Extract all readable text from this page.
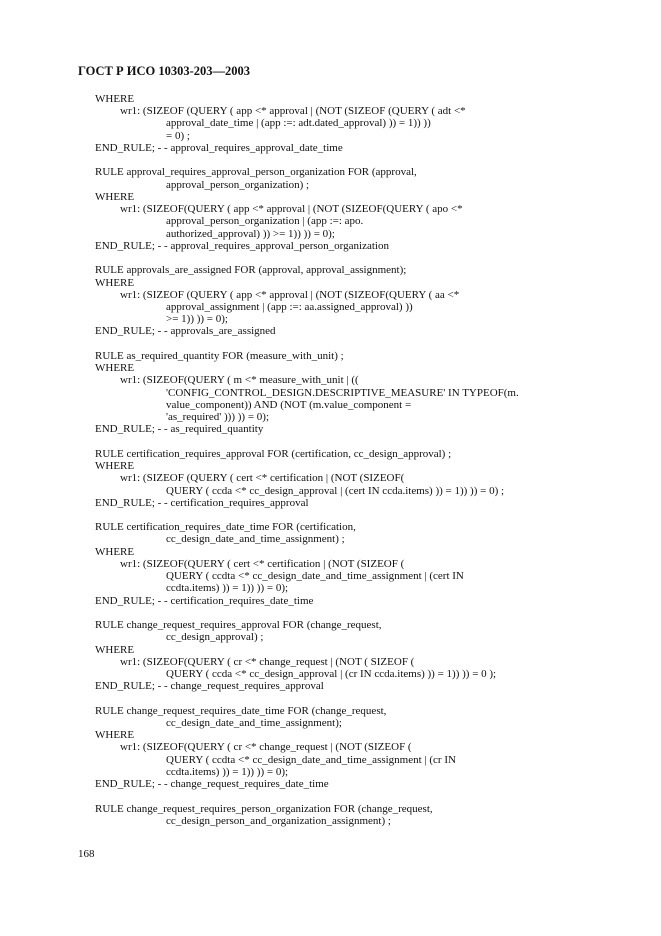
ГОСТ Р ИСО 10303-203—2003
WHERE
wr1: (SIZEOF (QUERY ( app <* approval | (NOT (SIZEOF (QUERY ( adt <*
approval_date_time | (app :=: adt.dated_approval) )) = 1)) ))
= 0) ;
END_RULE; - - approval_requires_approval_date_time
RULE approval_requires_approval_person_organization FOR (approval,
approval_person_organization) ;
WHERE
wr1: (SIZEOF(QUERY ( app <* approval | (NOT (SIZEOF(QUERY ( apo <*
approval_person_organization | (app :=: apo.
authorized_approval) )) >= 1)) )) = 0);
END_RULE; - - approval_requires_approval_person_organization
RULE approvals_are_assigned FOR (approval, approval_assignment);
WHERE
wr1: (SIZEOF (QUERY ( app <* approval | (NOT (SIZEOF(QUERY ( aa <*
approval_assignment | (app :=: aa.assigned_approval) ))
>= 1)) )) = 0);
END_RULE; - - approvals_are_assigned
RULE as_required_quantity FOR (measure_with_unit) ;
WHERE
wr1: (SIZEOF(QUERY ( m <* measure_with_unit | ((
'CONFIG_CONTROL_DESIGN.DESCRIPTIVE_MEASURE' IN TYPEOF(m.
value_component)) AND (NOT (m.value_component =
'as_required' ))) )) = 0);
END_RULE; - - as_required_quantity
RULE certification_requires_approval FOR (certification, cc_design_approval) ;
WHERE
wr1: (SIZEOF (QUERY ( cert <* certification | (NOT (SIZEOF(
QUERY ( ccda <* cc_design_approval | (cert IN ccda.items) )) = 1)) )) = 0) ;
END_RULE; - - certification_requires_approval
RULE certification_requires_date_time FOR (certification,
cc_design_date_and_time_assignment) ;
WHERE
wr1: (SIZEOF(QUERY ( cert <* certification | (NOT (SIZEOF (
QUERY ( ccdta <* cc_design_date_and_time_assignment | (cert IN
ccdta.items) )) = 1)) )) = 0);
END_RULE; - - certification_requires_date_time
RULE change_request_requires_approval FOR (change_request,
cc_design_approval) ;
WHERE
wr1: (SIZEOF(QUERY ( cr <* change_request | (NOT ( SIZEOF (
QUERY ( ccda <* cc_design_approval | (cr IN ccda.items) )) = 1)) )) = 0 );
END_RULE; - - change_request_requires_approval
RULE change_request_requires_date_time FOR (change_request,
cc_design_date_and_time_assignment);
WHERE
wr1: (SIZEOF(QUERY ( cr <* change_request | (NOT (SIZEOF (
QUERY ( ccdta <* cc_design_date_and_time_assignment | (cr IN
ccdta.items) )) = 1)) )) = 0);
END_RULE; - - change_request_requires_date_time
RULE change_request_requires_person_organization FOR (change_request,
cc_design_person_and_organization_assignment) ;
168
